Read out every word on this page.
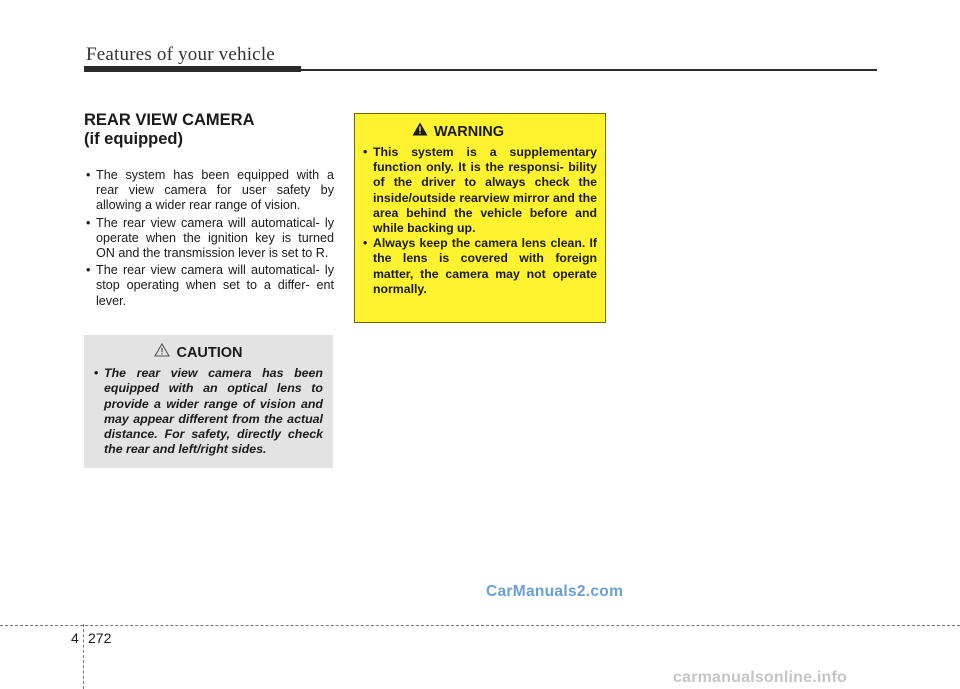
Features of your vehicle
REAR VIEW CAMERA
(if equipped)
• The system has been equipped with a rear view camera for user safety by allowing a wider rear range of vision.
• The rear view camera will automatical- ly operate when the ignition key is turned ON and the transmission lever is set to R.
• The rear view camera will automatical- ly stop operating when set to a differ- ent lever.
CAUTION
• The rear view camera has been equipped with an optical lens to provide a wider range of vision and may appear different from the actual distance. For safety, directly check the rear and left/right sides.
WARNING
• This system is a supplementary function only. It is the responsi- bility of the driver to always check the inside/outside rearview mirror and the area behind the vehicle before and while backing up.
• Always keep the camera lens clean. If the lens is covered with foreign matter, the camera may not operate normally.
CarManuals2.com
4 272
carmanualsonline.info
